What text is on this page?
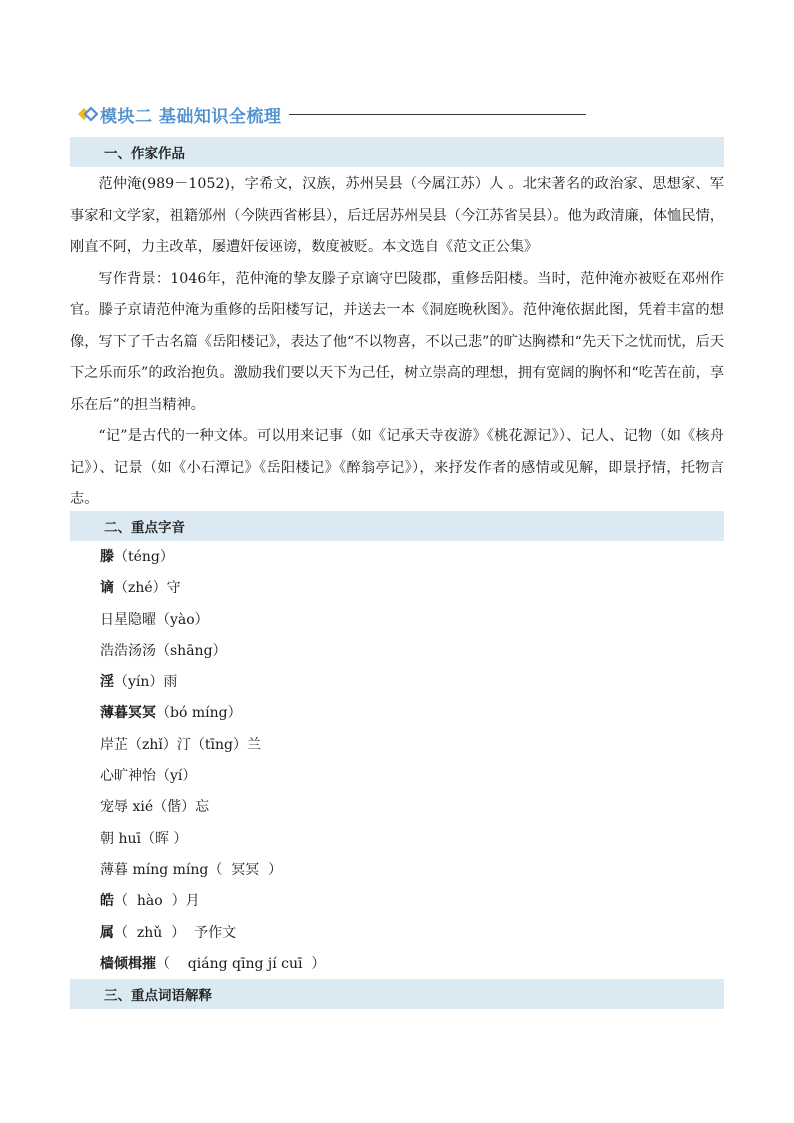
模块二 基础知识全梳理
一、作家作品

范仲淹(989－1052)，字希文，汉族，苏州吴县（今属江苏）人 。北宋著名的政治家、思想家、军事家和文学家，祖籍邠州（今陕西省彬县），后迁居苏州吴县（今江苏省吴县）。他为政清廉，体恤民情，刚直不阿，力主改革，屡遭奸佞诬谤，数度被贬。本文选自《范文正公集》

写作背景：1046年，范仲淹的挚友滕子京谪守巴陵郡，重修岳阳楼。当时，范仲淹亦被贬在邓州作官。滕子京请范仲淹为重修的岳阳楼写记，并送去一本《洞庭晚秋图》。范仲淹依据此图，凭着丰富的想像，写下了千古名篇《岳阳楼记》，表达了他“不以物喜，不以己悲”的旷达胸襟和“先天下之忧而忧，后天下之乐而乐”的政治抱负。激励我们要以天下为己任，树立崇高的理想，拥有宽阔的胸怀和“吃苦在前，享乐在后”的担当精神。

“记”是古代的一种文体。可以用来记事（如《记承天寺夜游》《桃花源记》）、记人、记物（如《核舟记》）、记景（如《小石潭记》《岳阳楼记》《醉翁亭记》），来抒发作者的感情或见解，即景抒情，托物言志。

二、重点字音
滕（téng）
谪（zhé）守
日星隐曜（yào）
浩浩汤汤（shāng）
淫（yín）雨
薄暮冥冥（bó míng）
岸芷（zhǐ）汀（tīng）兰
心旷神怡（yí）
宠辱 xié（偕）忘
朝 huī（晖 ）
薄暮 míng míng（  冥冥  ）
皓（  hào  ）月
属（  zhǔ  ）  予作文
樯倾楫摧（    qiáng qīng jí cuī  ）
三、重点词语解释
